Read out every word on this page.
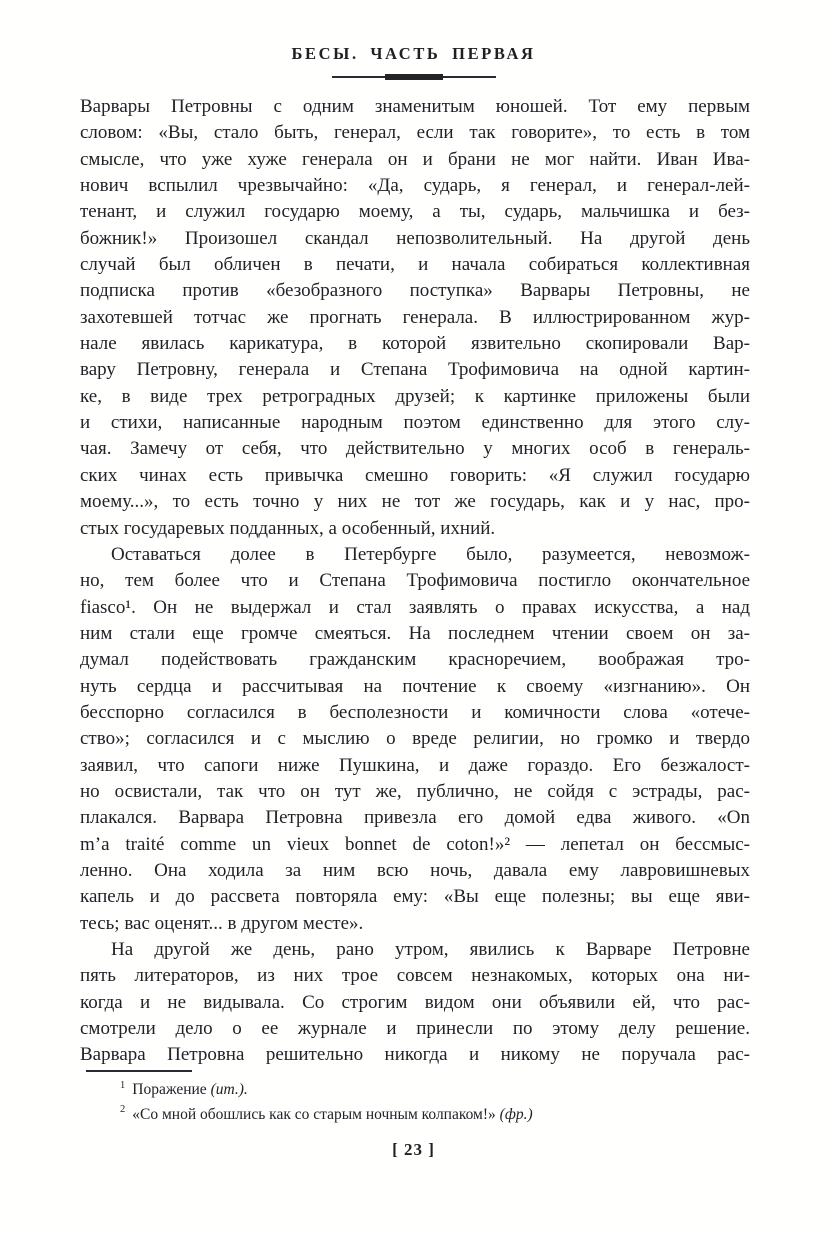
БЕСЫ. ЧАСТЬ ПЕРВАЯ
Варвары Петровны с одним знаменитым юношей. Тот ему первым
словом: «Вы, стало быть, генерал, если так говорите», то есть в том
смысле, что уже хуже генерала он и брани не мог найти. Иван Ива-
нович вспылил чрезвычайно: «Да, сударь, я генерал, и генерал-лей-
тенант, и служил государю моему, а ты, сударь, мальчишка и без-
божник!» Произошел скандал непозволительный. На другой день
случай был обличен в печати, и начала собираться коллективная
подписка против «безобразного поступка» Варвары Петровны, не
захотевшей тотчас же прогнать генерала. В иллюстрированном жур-
нале явилась карикатура, в которой язвительно скопировали Вар-
вару Петровну, генерала и Степана Трофимовича на одной картин-
ке, в виде трех ретроградных друзей; к картинке приложены были
и стихи, написанные народным поэтом единственно для этого слу-
чая. Замечу от себя, что действительно у многих особ в генераль-
ских чинах есть привычка смешно говорить: «Я служил государю
моему...», то есть точно у них не тот же государь, как и у нас, про-
стых государевых подданных, а особенный, ихний.
Оставаться долее в Петербурге было, разумеется, невозмож-
но, тем более что и Степана Трофимовича постигло окончательное
fiasco¹. Он не выдержал и стал заявлять о правах искусства, а над
ним стали еще громче смеяться. На последнем чтении своем он за-
думал подействовать гражданским красноречием, воображая тро-
нуть сердца и рассчитывая на почтение к своему «изгнанию». Он
бесспорно согласился в бесполезности и комичности слова «отече-
ство»; согласился и с мыслию о вреде религии, но громко и твердо
заявил, что сапоги ниже Пушкина, и даже гораздо. Его безжалост-
но освистали, так что он тут же, публично, не сойдя с эстрады, рас-
плакался. Варвара Петровна привезла его домой едва живого. «On
m’a traité comme un vieux bonnet de coton!»² — лепетал он бессмыс-
ленно. Она ходила за ним всю ночь, давала ему лавровишневых
капель и до рассвета повторяла ему: «Вы еще полезны; вы еще яви-
тесь; вас оценят... в другом месте».
На другой же день, рано утром, явились к Варваре Петровне
пять литераторов, из них трое совсем незнакомых, которых она ни-
когда и не видывала. Со строгим видом они объявили ей, что рас-
смотрели дело о ее журнале и принесли по этому делу решение.
Варвара Петровна решительно никогда и никому не поручала рас-
$^1$ Поражение (ит.).
$^2$ «Со мной обошлись как со старым ночным колпаком!» (фр.)
[ 23 ]
